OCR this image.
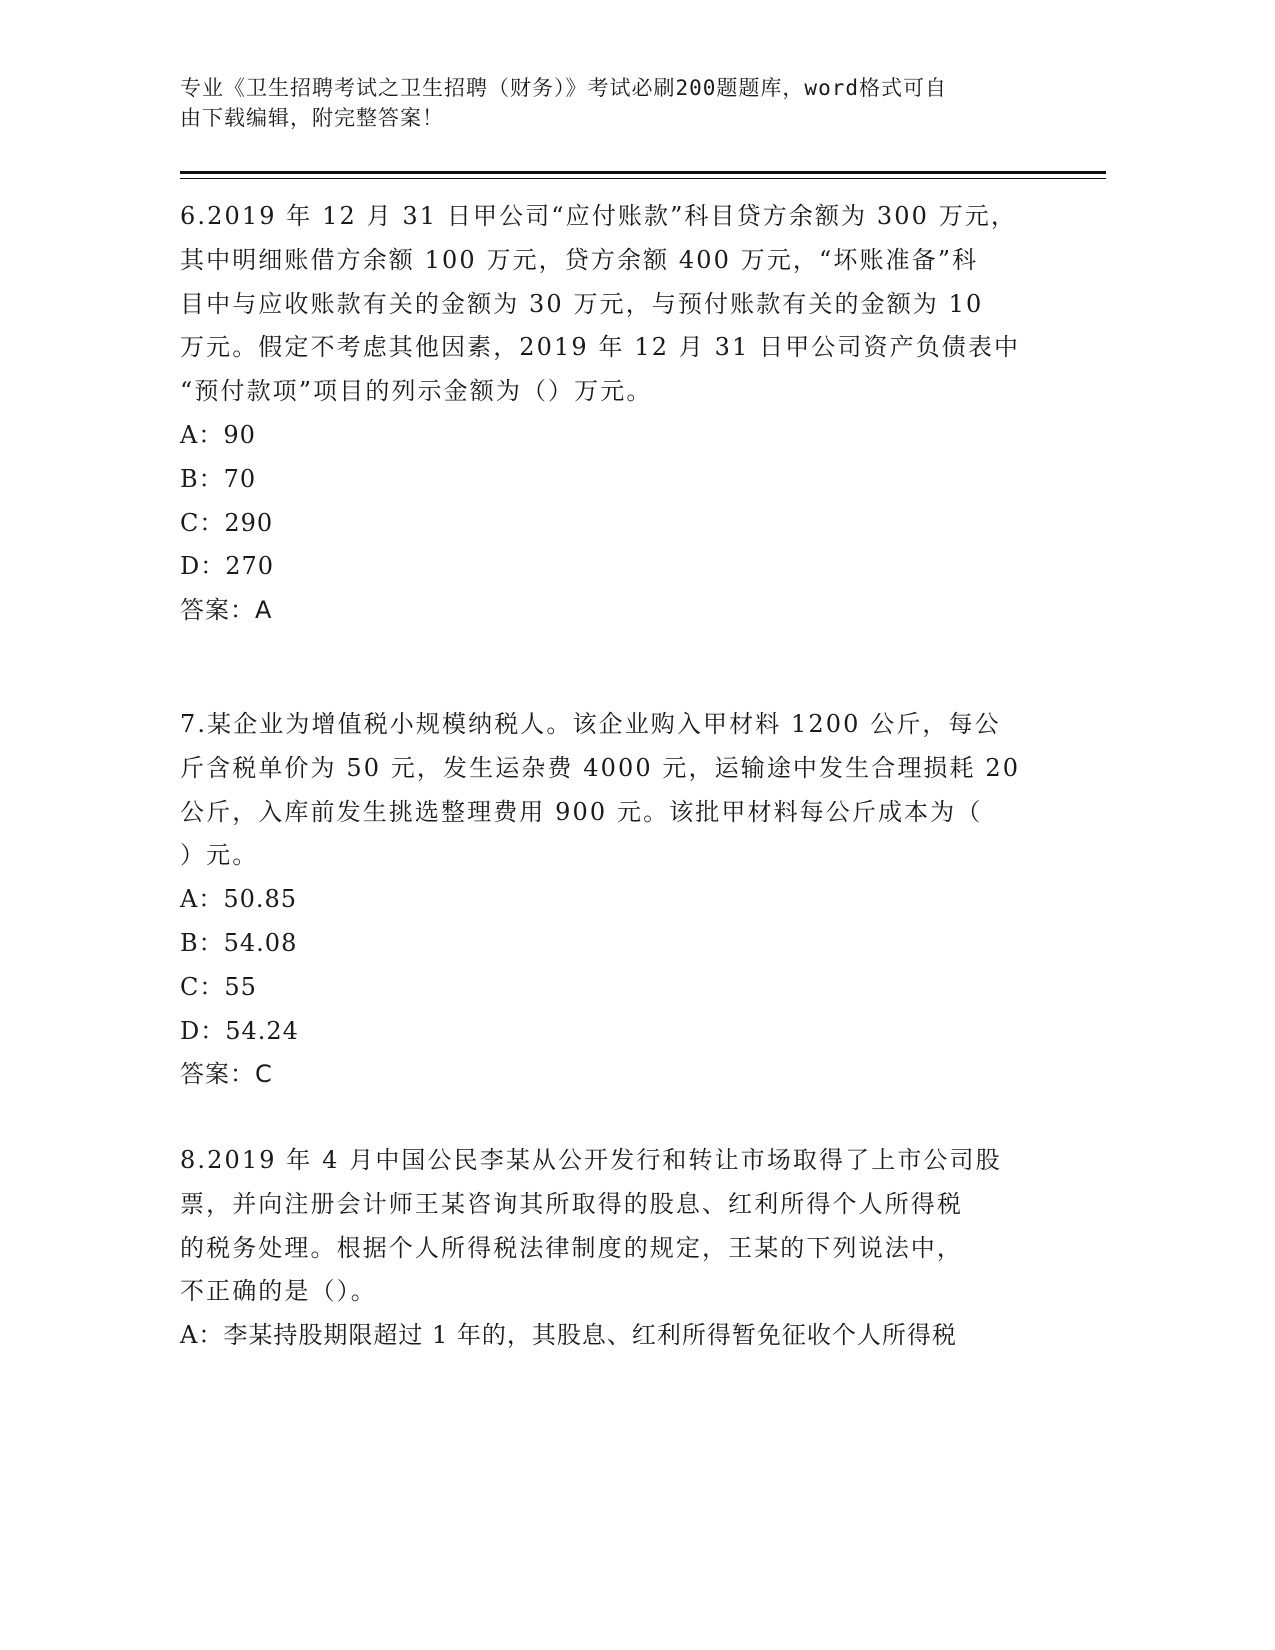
专业《卫生招聘考试之卫生招聘（财务）》考试必刷200题题库，word格式可自
由下载编辑，附完整答案！

6.2019 年 12 月 31 日甲公司“应付账款”科目贷方余额为 300 万元，

其中明细账借方余额 100 万元，贷方余额 400 万元，“坏账准备”科

目中与应收账款有关的金额为 30 万元，与预付账款有关的金额为 10

万元。假定不考虑其他因素，2019 年 12 月 31 日甲公司资产负债表中

“预付款项”项目的列示金额为（）万元。

A：90

B：70

C：290

D：270

答案：A

7.某企业为增值税小规模纳税人。该企业购入甲材料 1200 公斤，每公

斤含税单价为 50 元，发生运杂费 4000 元，运输途中发生合理损耗 20

公斤，入库前发生挑选整理费用 900 元。该批甲材料每公斤成本为（

）元。

A：50.85

B：54.08

C：55

D：54.24

答案：C

8.2019 年 4 月中国公民李某从公开发行和转让市场取得了上市公司股

票，并向注册会计师王某咨询其所取得的股息、红利所得个人所得税

的税务处理。根据个人所得税法律制度的规定，王某的下列说法中，

不正确的是（）。

A：李某持股期限超过 1 年的，其股息、红利所得暂免征收个人所得税
